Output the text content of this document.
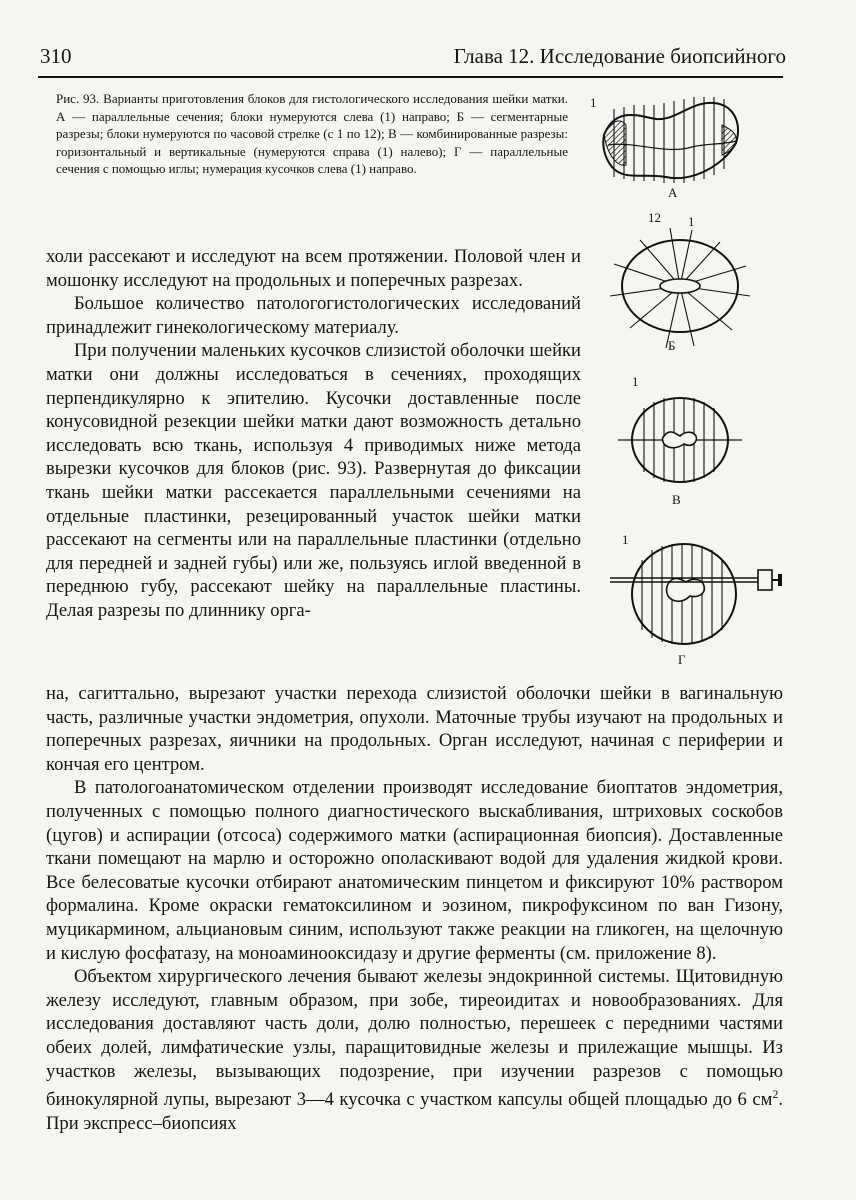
310	Глава 12. Исследование биопсийного
Рис. 93. Варианты приготовления блоков для гистологического исследования шейки матки. А — параллельные сечения; блоки нумеруются слева (1) направо; Б — сегментарные разрезы; блоки нумеруются по часовой стрелке (с 1 по 12); В — комбинированные разрезы: горизонтальный и вертикальные (нумеруются справа (1) налево); Г — параллельные сечения с помощью иглы; нумерация кусочков слева (1) направо.
1
А
12 1
Б
1
В
1
Г

холи рассекают и исследуют на всем протяжении. Половой член и мошонку исследуют на продольных и поперечных разрезах.

Большое количество патологогистологических исследований принадлежит гинекологическому материалу.

При получении маленьких кусочков слизистой оболочки шейки матки они должны исследоваться в сечениях, проходящих перпендикулярно к эпителию. Кусочки доставленные после конусовидной резекции шейки матки дают возможность детально исследовать всю ткань, используя 4 приводимых ниже метода вырезки кусочков для блоков (рис. 93). Развернутая до фиксации ткань шейки матки рассекается параллельными сечениями на отдельные пластинки, резецированный участок шейки матки рассекают на сегменты или на параллельные пластинки (отдельно для передней и задней губы) или же, пользуясь иглой введенной в переднюю губу, рассекают шейку на параллельные пластины. Делая разрезы по длиннику орга-

на, сагиттально, вырезают участки перехода слизистой оболочки шейки в вагинальную часть, различные участки эндометрия, опухоли. Маточные трубы изучают на продольных и поперечных разрезах, яичники на продольных. Орган исследуют, начиная с периферии и кончая его центром.

В патологоанатомическом отделении производят исследование биоптатов эндометрия, полученных с помощью полного диагностического выскабливания, штриховых соскобов (цугов) и аспирации (отсоса) содержимого матки (аспирационная биопсия). Доставленные ткани помещают на марлю и осторожно ополаскивают водой для удаления жидкой крови. Все белесоватые кусочки отбирают анатомическим пинцетом и фиксируют 10% раствором формалина. Кроме окраски гематоксилином и эозином, пикрофуксином по ван Гизону, муцикармином, альциановым синим, используют также реакции на гликоген, на щелочную и кислую фосфатазу, на моноаминооксидазу и другие ферменты (см. приложение 8).

Объектом хирургического лечения бывают железы эндокринной системы. Щитовидную железу исследуют, главным образом, при зобе, тиреоидитах и новообразованиях. Для исследования доставляют часть доли, долю полностью, перешеек с передними частями обеих долей, лимфатические узлы, паращитовидные железы и прилежащие мышцы. Из участков железы, вызывающих подозрение, при изучении разрезов с помощью бинокулярной лупы, вырезают 3—4 кусочка с участком капсулы общей площадью до 6 $см^2$. При экспресс–биопсиях
